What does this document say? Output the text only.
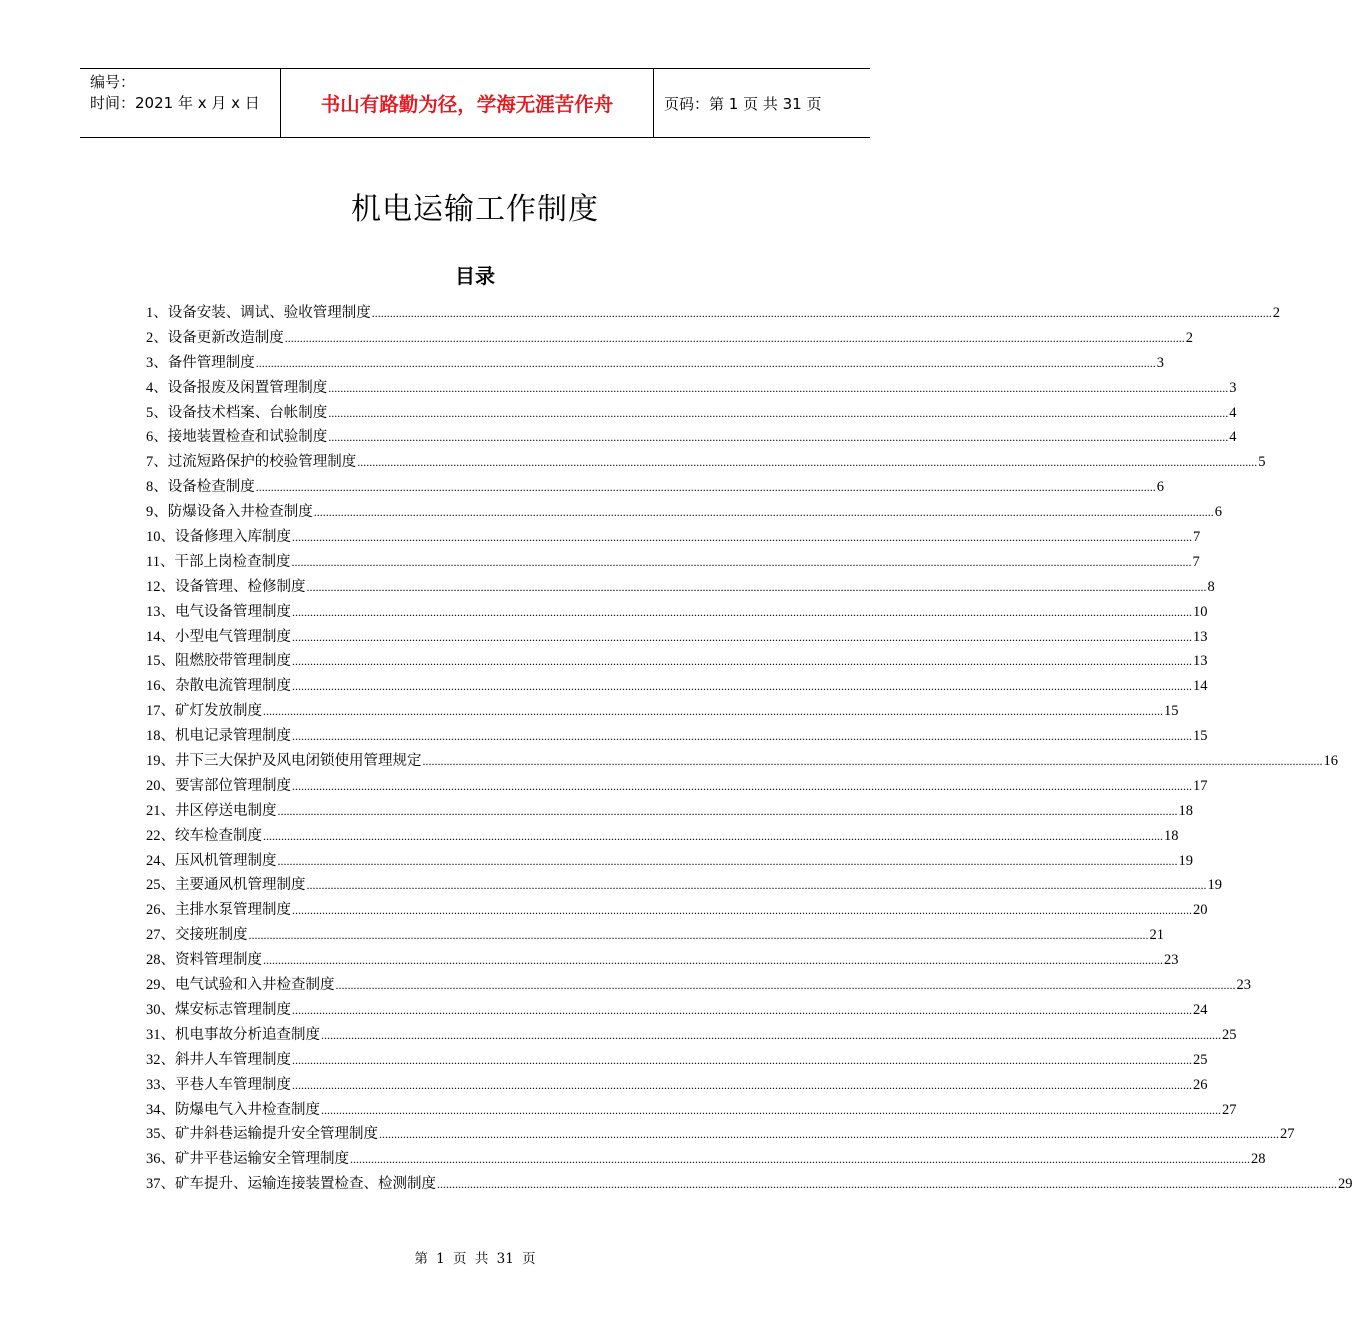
编号：
时间：2021 年 x 月 x 日	书山有路勤为径，学海无涯苦作舟	页码：第 1 页 共 31 页
机电运输工作制度
目录
1、 设备安装、调试、验收管理制度 ............................................................................................................................................................................................................................................................................................................ 2
2、 设备更新改造制度 ............................................................................................................................................................................................................................................................................................................ 2
3、 备件管理制度 ............................................................................................................................................................................................................................................................................................................ 3
4、 设备报废及闲置管理制度 ............................................................................................................................................................................................................................................................................................................ 3
5、 设备技术档案、台帐制度 ............................................................................................................................................................................................................................................................................................................ 4
6、 接地装置检查和试验制度 ............................................................................................................................................................................................................................................................................................................ 4
7、 过流短路保护的校验管理制度 ............................................................................................................................................................................................................................................................................................................ 5
8、 设备检查制度 ............................................................................................................................................................................................................................................................................................................ 6
9、 防爆设备入井检查制度 ............................................................................................................................................................................................................................................................................................................ 6
10、 设备修理入库制度 ............................................................................................................................................................................................................................................................................................................ 7
11、 干部上岗检查制度 ............................................................................................................................................................................................................................................................................................................ 7
12、 设备管理、检修制度 ............................................................................................................................................................................................................................................................................................................ 8
13、 电气设备管理制度 ............................................................................................................................................................................................................................................................................................................ 10
14、 小型电气管理制度 ............................................................................................................................................................................................................................................................................................................ 13
15、 阻燃胶带管理制度 ............................................................................................................................................................................................................................................................................................................ 13
16、 杂散电流管理制度 ............................................................................................................................................................................................................................................................................................................ 14
17、 矿灯发放制度 ............................................................................................................................................................................................................................................................................................................ 15
18、 机电记录管理制度 ............................................................................................................................................................................................................................................................................................................ 15
19、 井下三大保护及风电闭锁使用管理规定 ............................................................................................................................................................................................................................................................................................................ 16
20、 要害部位管理制度 ............................................................................................................................................................................................................................................................................................................ 17
21、 井区停送电制度 ............................................................................................................................................................................................................................................................................................................ 18
22、 绞车检查制度 ............................................................................................................................................................................................................................................................................................................ 18
24、 压风机管理制度 ............................................................................................................................................................................................................................................................................................................ 19
25、 主要通风机管理制度 ............................................................................................................................................................................................................................................................................................................ 19
26、 主排水泵管理制度 ............................................................................................................................................................................................................................................................................................................ 20
27、 交接班制度 ............................................................................................................................................................................................................................................................................................................ 21
28、 资料管理制度 ............................................................................................................................................................................................................................................................................................................ 23
29、 电气试验和入井检查制度 ............................................................................................................................................................................................................................................................................................................ 23
30、 煤安标志管理制度 ............................................................................................................................................................................................................................................................................................................ 24
31、 机电事故分析追查制度 ............................................................................................................................................................................................................................................................................................................ 25
32、 斜井人车管理制度 ............................................................................................................................................................................................................................................................................................................ 25
33、 平巷人车管理制度 ............................................................................................................................................................................................................................................................................................................ 26
34、 防爆电气入井检查制度 ............................................................................................................................................................................................................................................................................................................ 27
35、 矿井斜巷运输提升安全管理制度 ............................................................................................................................................................................................................................................................................................................ 27
36、 矿井平巷运输安全管理制度 ............................................................................................................................................................................................................................................................................................................ 28
37、 矿车提升、运输连接装置检查、检测制度 ............................................................................................................................................................................................................................................................................................................ 29
第 1 页 共 31 页
